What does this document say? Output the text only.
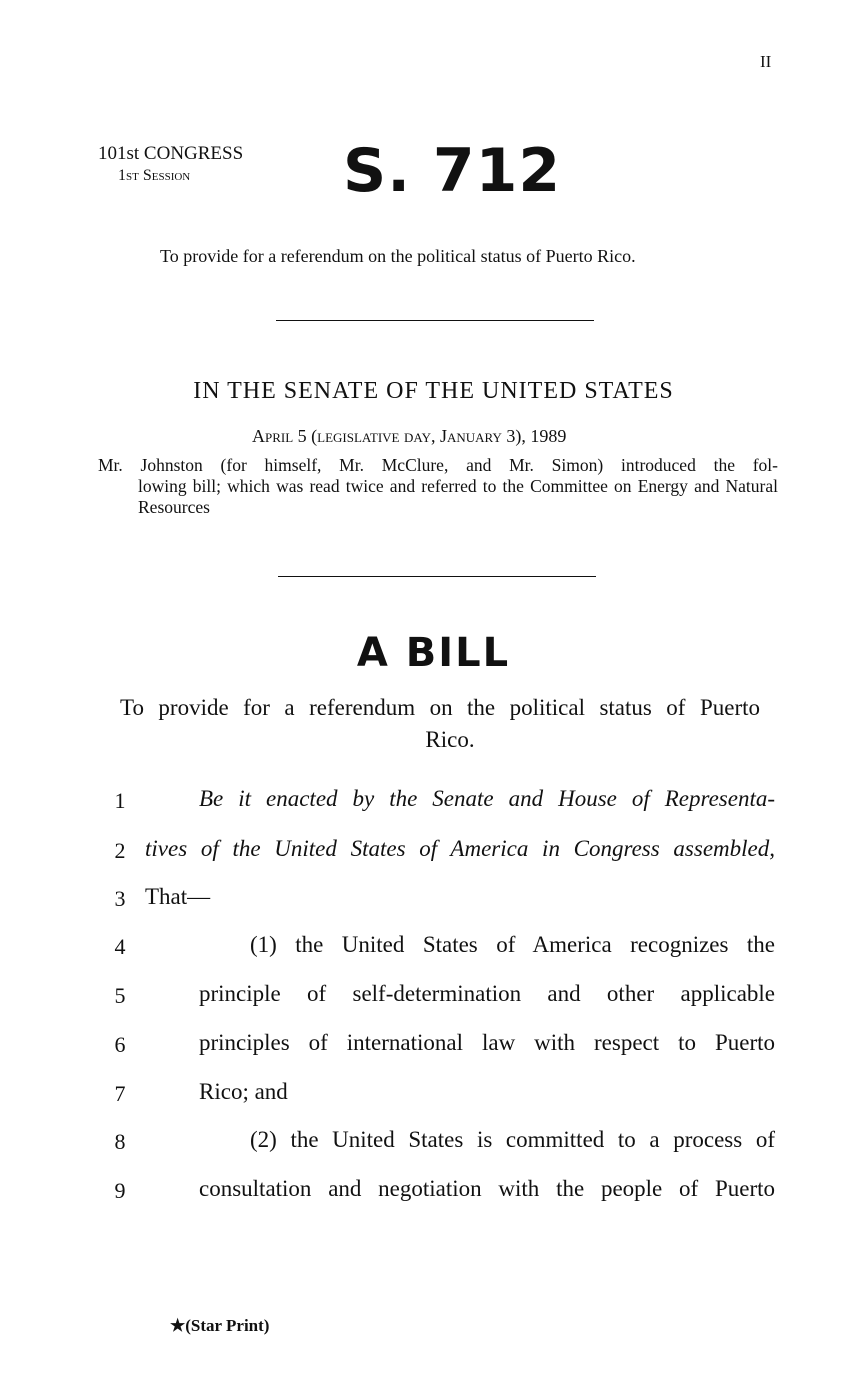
II
101st CONGRESS
1st Session	S. 712
To provide for a referendum on the political status of Puerto Rico.
IN THE SENATE OF THE UNITED STATES
April 5 (legislative day, January 3), 1989
Mr. Johnston (for himself, Mr. McClure, and Mr. Simon) introduced the fol-
lowing bill; which was read twice and referred to the Committee on Energy and Natural Resources
A BILL
To provide for a referendum on the political status of Puerto
Rico.
1	Be it enacted by the Senate and House of Representa-
2 tives of the United States of America in Congress assembled,
3 That—
4	(1) the United States of America recognizes the
5	principle of self-determination and other applicable
6	principles of international law with respect to Puerto
7	Rico; and
8	(2) the United States is committed to a process of
9	consultation and negotiation with the people of Puerto
★(Star Print)
